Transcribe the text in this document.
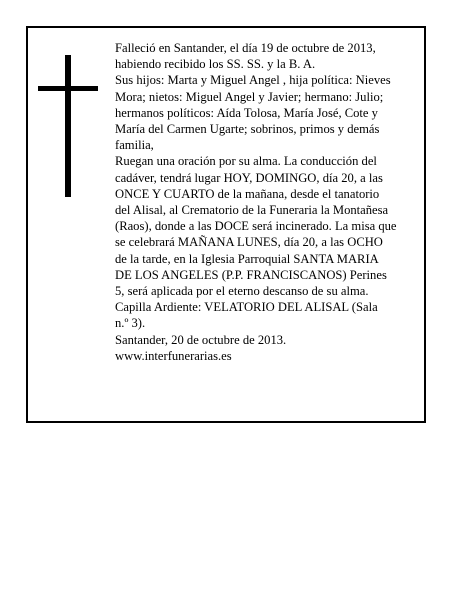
Falleció en Santander, el día 19 de octubre de 2013,
habiendo recibido los SS. SS. y la B. A.
Sus hijos: Marta y Miguel Angel , hija política: Nieves
Mora; nietos: Miguel Angel y Javier; hermano: Julio;
hermanos políticos: Aída Tolosa, María José, Cote y
María del Carmen Ugarte; sobrinos, primos y demás
familia,
Ruegan una oración por su alma. La conducción del
cadáver, tendrá lugar HOY, DOMINGO, día 20, a las
ONCE Y CUARTO de la mañana, desde el tanatorio
del Alisal, al Crematorio de la Funeraria la Montañesa
(Raos), donde a las DOCE será incinerado. La misa que
se celebrará MAÑANA LUNES, día 20, a las OCHO
de la tarde, en la Iglesia Parroquial SANTA MARIA
DE LOS ANGELES (P.P. FRANCISCANOS) Perines
5, será aplicada por el eterno descanso de su alma.
Capilla Ardiente: VELATORIO DEL ALISAL (Sala
n.º 3).
Santander, 20 de octubre de 2013.
www.interfunerarias.es
